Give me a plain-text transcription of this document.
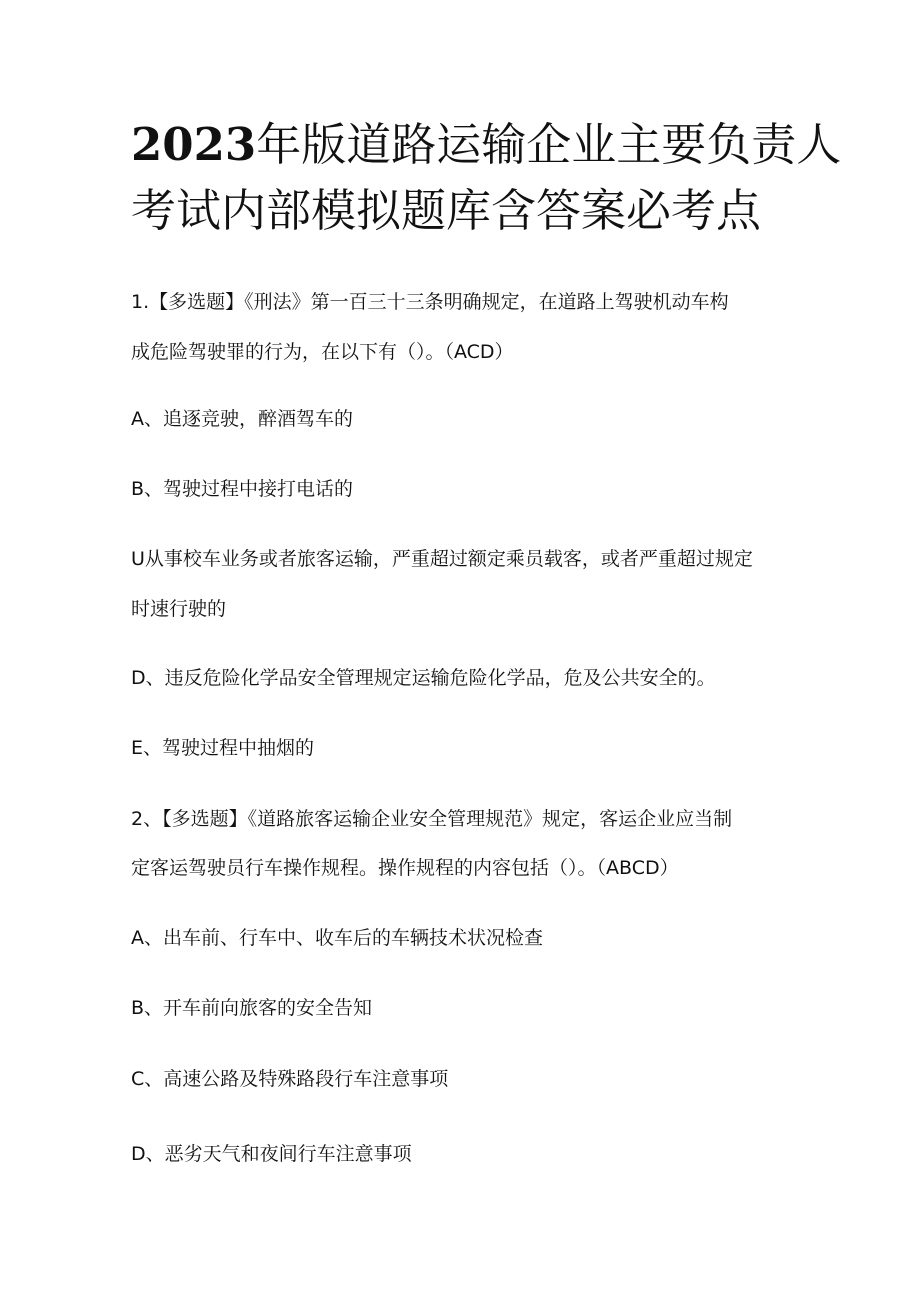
2023年版道路运输企业主要负责人
考试内部模拟题库含答案必考点

1.【多选题】《刑法》第一百三十三条明确规定，在道路上驾驶机动车构

成危险驾驶罪的行为，在以下有（）。（ACD）

A、追逐竞驶，醉酒驾车的

B、驾驶过程中接打电话的

U从事校车业务或者旅客运输，严重超过额定乘员载客，或者严重超过规定

时速行驶的

D、违反危险化学品安全管理规定运输危险化学品，危及公共安全的。

E、驾驶过程中抽烟的

2、【多选题】《道路旅客运输企业安全管理规范》规定，客运企业应当制

定客运驾驶员行车操作规程。操作规程的内容包括（）。（ABCD）

A、出车前、行车中、收车后的车辆技术状况检查

B、开车前向旅客的安全告知

C、高速公路及特殊路段行车注意事项

D、恶劣天气和夜间行车注意事项
